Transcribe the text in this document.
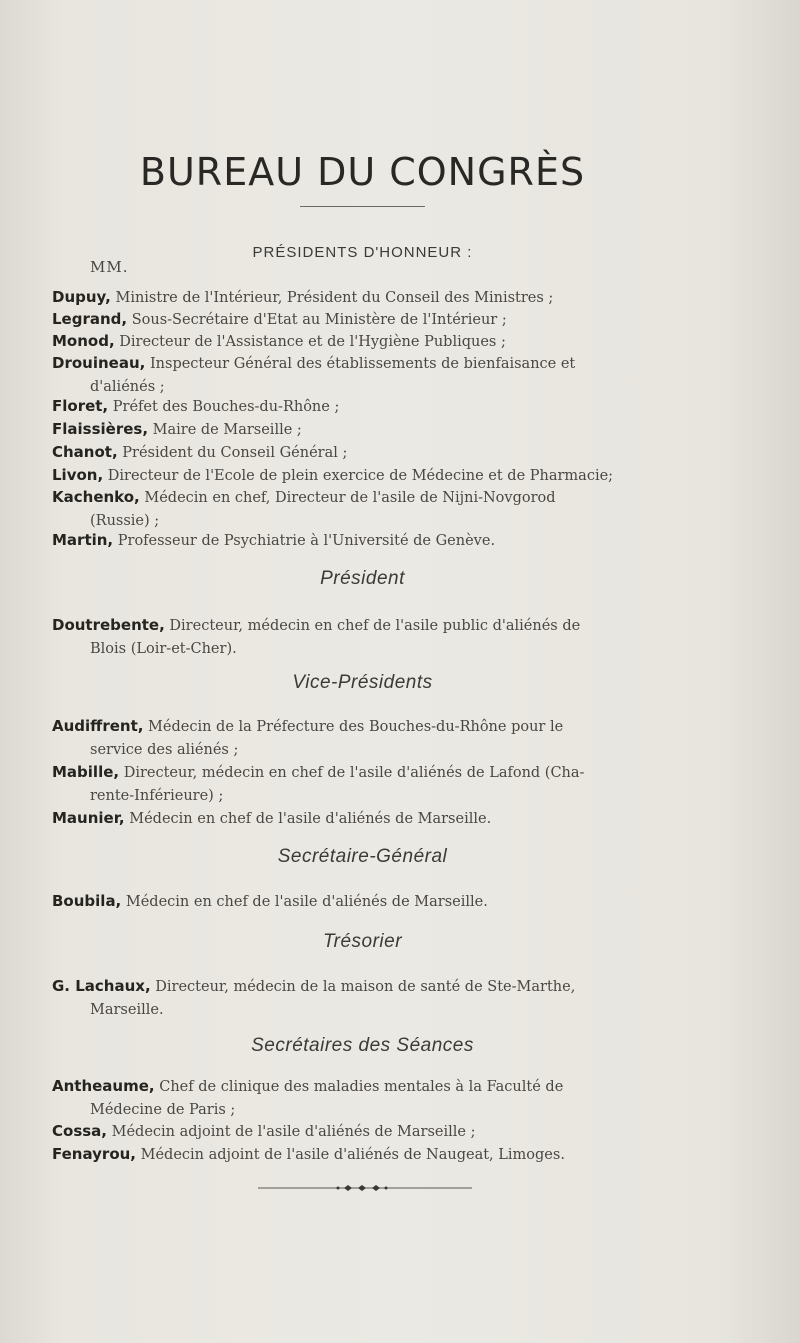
BUREAU DU CONGRÈS
PRÉSIDENTS D'HONNEUR :
MM.
Dupuy, Ministre de l'Intérieur, Président du Conseil des Ministres ;
Legrand, Sous-Secrétaire d'Etat au Ministère de l'Intérieur ;
Monod, Directeur de l'Assistance et de l'Hygiène Publiques ;
Drouineau, Inspecteur Général des établissements de bienfaisance et
d'aliénés ;
Floret, Préfet des Bouches-du-Rhône ;
Flaissières, Maire de Marseille ;
Chanot, Président du Conseil Général ;
Livon, Directeur de l'Ecole de plein exercice de Médecine et de Pharmacie;
Kachenko, Médecin en chef, Directeur de l'asile de Nijni-Novgorod
(Russie) ;
Martin, Professeur de Psychiatrie à l'Université de Genève.
Président
Doutrebente, Directeur, médecin en chef de l'asile public d'aliénés de
Blois (Loir-et-Cher).
Vice-Présidents
Audiffrent, Médecin de la Préfecture des Bouches-du-Rhône pour le
service des aliénés ;
Mabille, Directeur, médecin en chef de l'asile d'aliénés de Lafond (Cha-
rente-Inférieure) ;
Maunier, Médecin en chef de l'asile d'aliénés de Marseille.
Secrétaire-Général
Boubila, Médecin en chef de l'asile d'aliénés de Marseille.
Trésorier
G. Lachaux, Directeur, médecin de la maison de santé de Ste-Marthe,
Marseille.
Secrétaires des Séances
Antheaume, Chef de clinique des maladies mentales à la Faculté de
Médecine de Paris ;
Cossa, Médecin adjoint de l'asile d'aliénés de Marseille ;
Fenayrou, Médecin adjoint de l'asile d'aliénés de Naugeat, Limoges.
